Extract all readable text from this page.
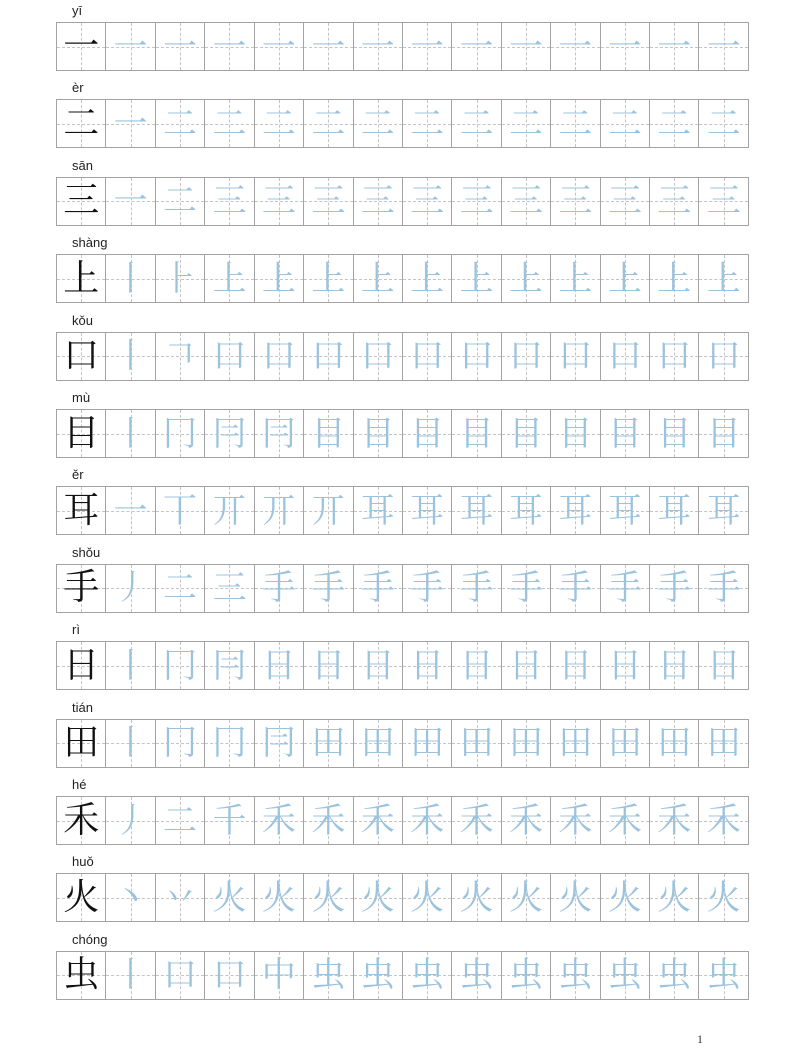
yī
一 一 一 一 一 一 一 一 一 一 一 一 一 一
èr
二 一 二 二 二 二 二 二 二 二 二 二 二 二
sān
三 一 二 三 三 三 三 三 三 三 三 三 三 三
shàng
上 丨 ⺊ 上 上 上 上 上 上 上 上 上 上 上
kǒu
口 丨 𠃍 口 口 口 口 口 口 口 口 口 口 口
mù
目 丨 冂 冃 冃 目 目 目 目 目 目 目 目 目
ěr
耳 一 丅 丌 丌 丌 耳 耳 耳 耳 耳 耳 耳 耳
shǒu
手 丿 二 三 手 手 手 手 手 手 手 手 手 手
rì
日 丨 冂 冃 日 日 日 日 日 日 日 日 日 日
tián
田 丨 冂 冂 冃 田 田 田 田 田 田 田 田 田
hé
禾 丿 二 千 禾 禾 禾 禾 禾 禾 禾 禾 禾 禾
huǒ
火 丶 丷 火 火 火 火 火 火 火 火 火 火 火
chóng
虫 丨 口 口 中 虫 虫 虫 虫 虫 虫 虫 虫 虫
1
